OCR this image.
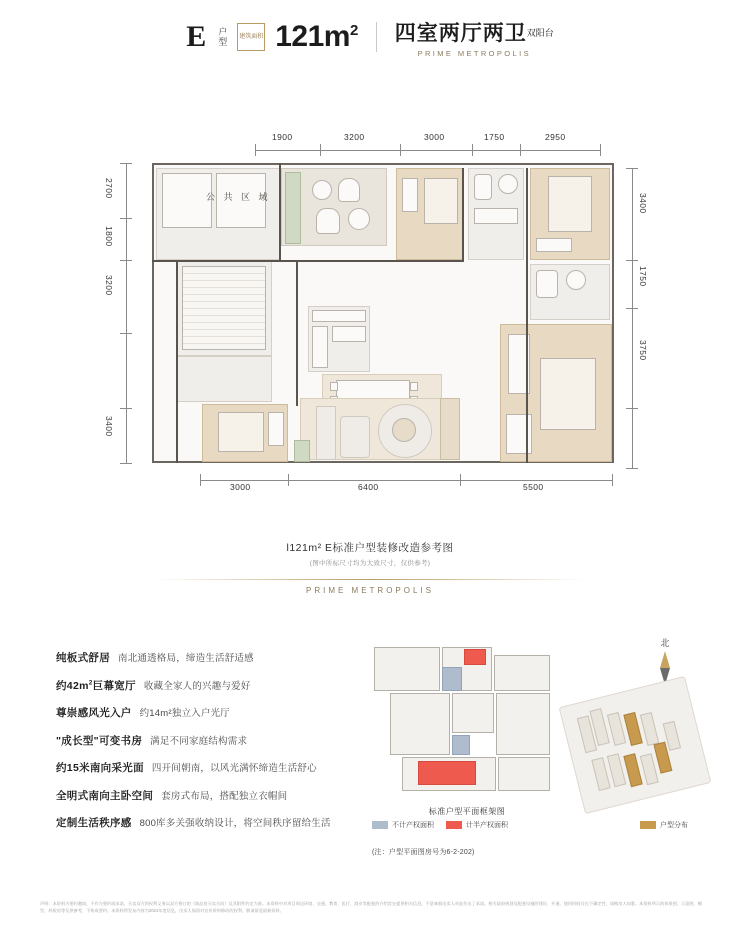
E 户型 建筑面积 $121m^2$ 四室两厅两卫双阳台
PRIME METROPOLIS
1900	3200	3000	1750	2950
2700
1800
3200
3400
3400
1750
3750
3000	6400	5500
公 共 区 域
l121m² E标准户型装修改造参考图
(图中所标尺寸均为大致尺寸，仅供参考)
PRIME METROPOLIS
纯板式舒居 南北通透格局，缔造生活舒适感
约$42m^2$巨幕宽厅 收藏全家人的兴趣与爱好
尊崇感风光入户 约14m²独立入户光厅
"成长型"可变书房 满足不同家庭结构需求
约15米南向采光面 四开间朝南，以风光满怀缔造生活舒心
全明式南向主卧空间 套房式布局，搭配独立衣帽间
定制生活秩序感 800库多关强收纳设计，将空间秩序留给生活
标准户型平面框架图
不计产权面积	计半产权面积	户型分布
(注：户型平面图房号为6-2-202)
北
声明：本资料为要约邀请，不作为要约或承诺，买卖双方的权利义务以双方签订的《商品房买卖合同》及其附件约定为准。本资料中对项目周边环境、交通、教育、医疗、商业等配套的介绍旨在提供相关信息，不意味着出卖人对此作出了承诺。相关政府规划及配套设施的建设、开通、使用时间存在不确定性，请购房人知悉。本资料所示的效果图、示意图、模型、样板房等仅供参考，不构成要约。本资料所发布内容为2024年度信息，出卖人保留对宣传资料修改的权利，敬请留意最新资料。
